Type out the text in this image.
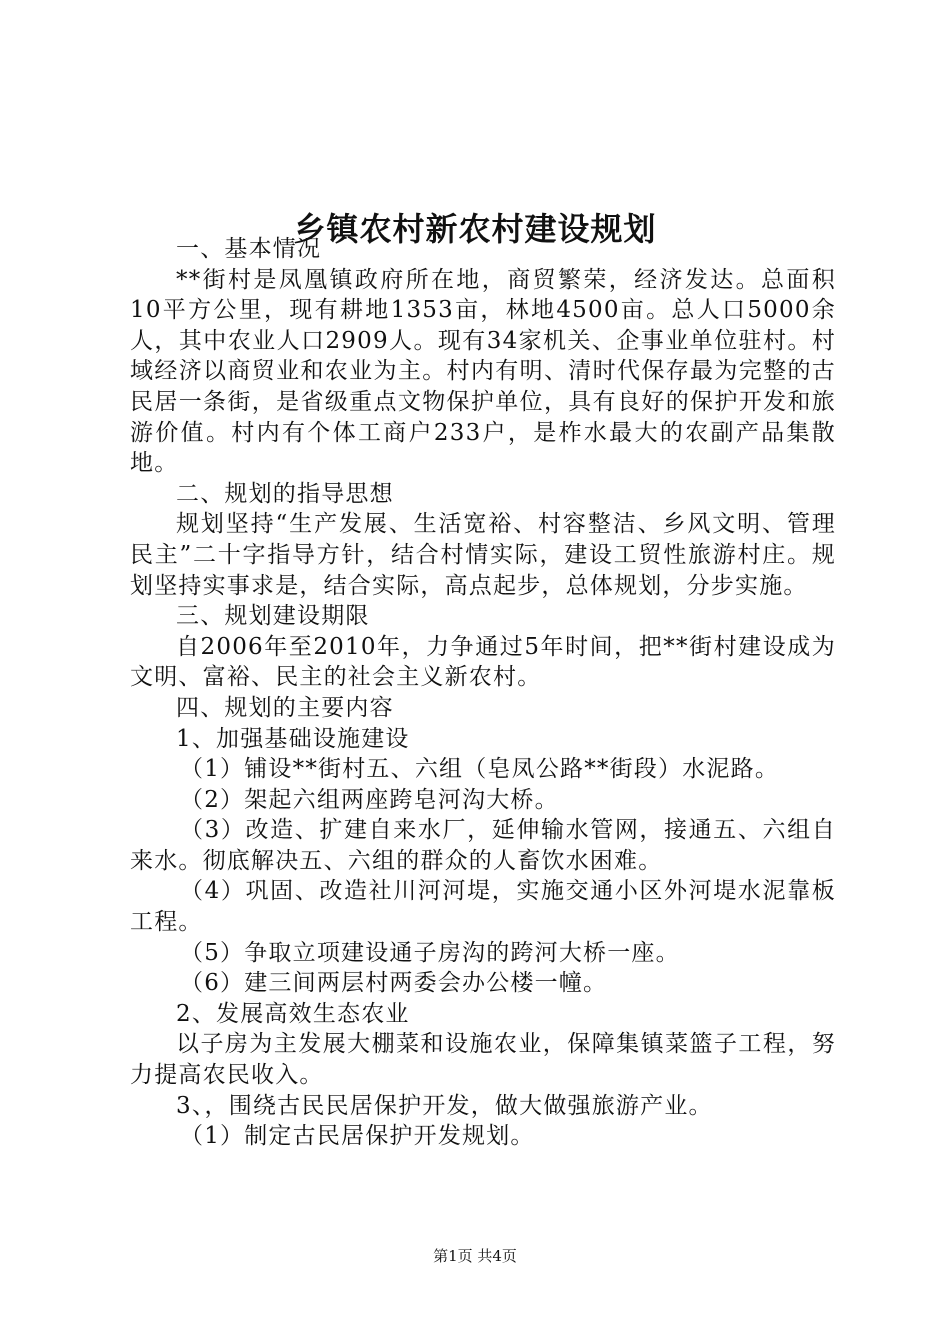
乡镇农村新农村建设规划

一、基本情况

**街村是凤凰镇政府所在地，商贸繁荣，经济发达。总面积10平方公里，现有耕地1353亩，林地4500亩。总人口5000余人，其中农业人口2909人。现有34家机关、企事业单位驻村。村域经济以商贸业和农业为主。村内有明、清时代保存最为完整的古民居一条街，是省级重点文物保护单位，具有良好的保护开发和旅游价值。村内有个体工商户233户，是柞水最大的农副产品集散地。

二、规划的指导思想

规划坚持“生产发展、生活宽裕、村容整洁、乡风文明、管理民主”二十字指导方针，结合村情实际，建设工贸性旅游村庄。规划坚持实事求是，结合实际，高点起步，总体规划，分步实施。

三、规划建设期限

自2006年至2010年，力争通过5年时间，把**街村建设成为文明、富裕、民主的社会主义新农村。

四、规划的主要内容

1、加强基础设施建设

（1）铺设**街村五、六组（皂凤公路**街段）水泥路。

（2）架起六组两座跨皂河沟大桥。

（3）改造、扩建自来水厂，延伸输水管网，接通五、六组自来水。彻底解决五、六组的群众的人畜饮水困难。

（4）巩固、改造社川河河堤，实施交通小区外河堤水泥靠板工程。

（5）争取立项建设通子房沟的跨河大桥一座。

（6）建三间两层村两委会办公楼一幢。

2、发展高效生态农业

以子房为主发展大棚菜和设施农业，保障集镇菜篮子工程，努力提高农民收入。

3、，围绕古民民居保护开发，做大做强旅游产业。

（1）制定古民居保护开发规划。

第1页 共4页
